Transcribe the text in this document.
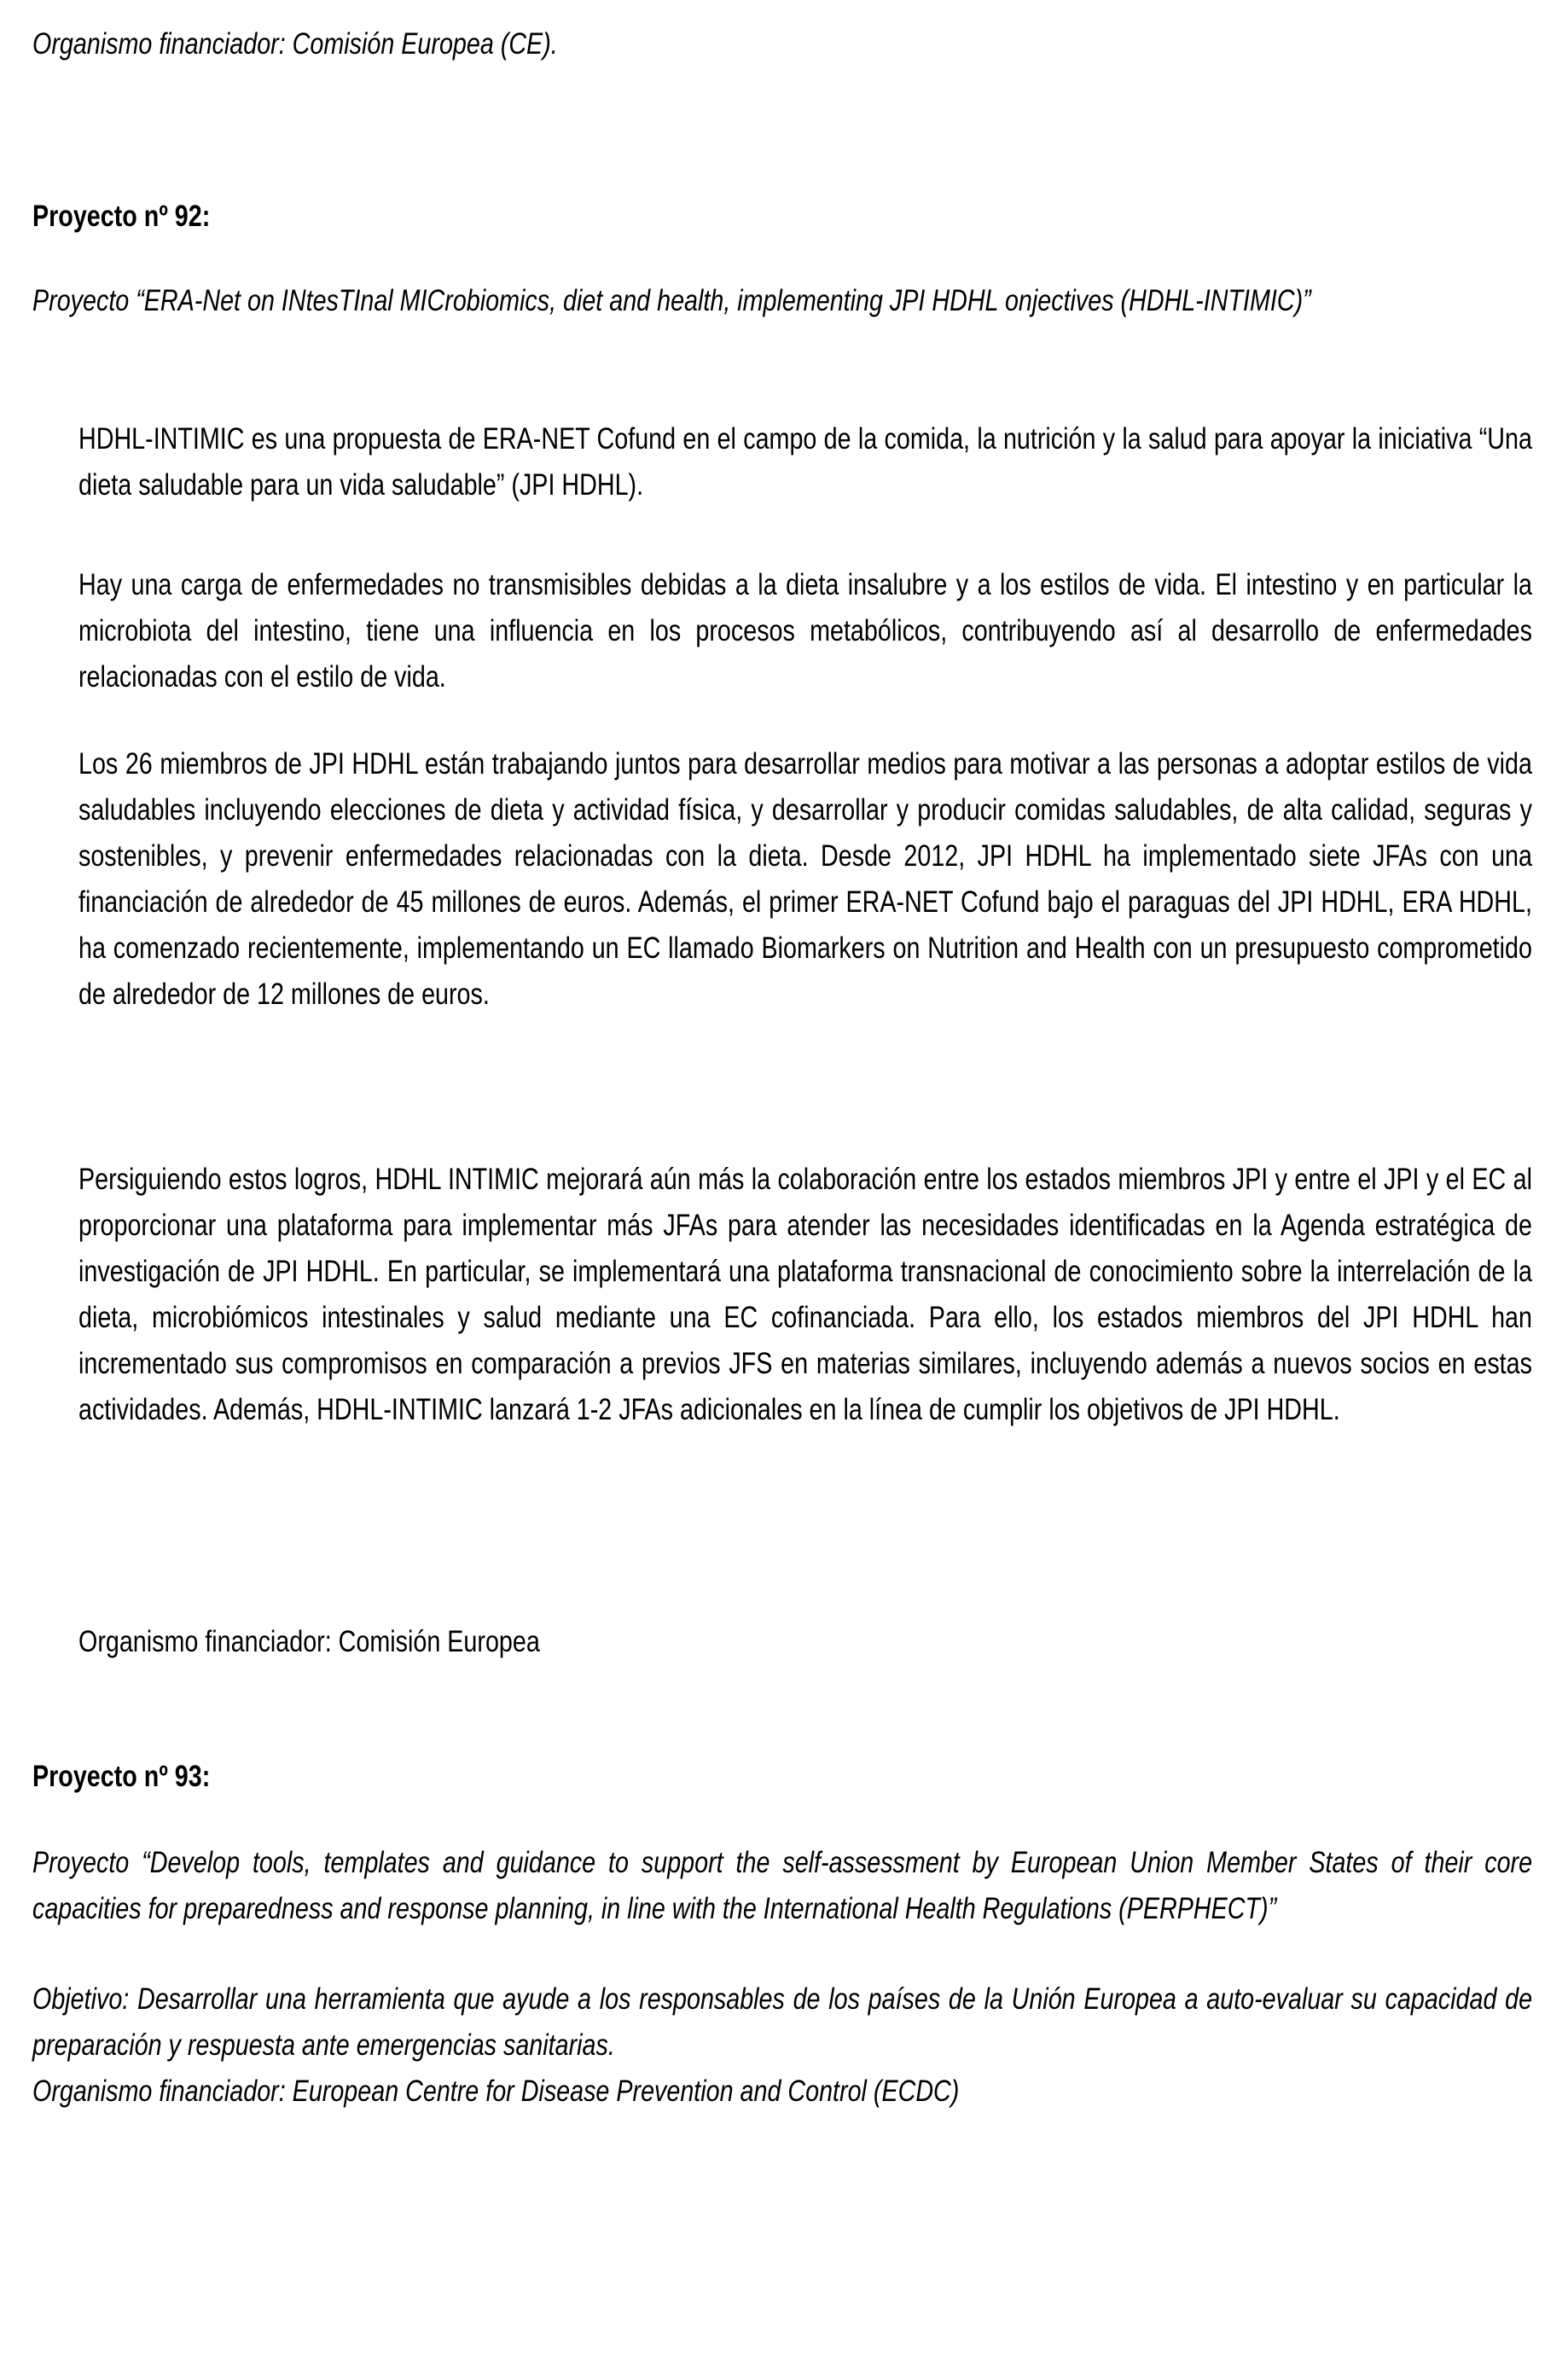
Organismo financiador: Comisión Europea (CE).

Proyecto nº 92:

Proyecto “ERA-Net on INtesTInal MICrobiomics, diet and health, implementing JPI HDHL onjectives (HDHL-INTIMIC)”

HDHL-INTIMIC es una propuesta de ERA-NET Cofund en el campo de la comida, la nutrición y la salud para apoyar la iniciativa “Una dieta saludable para un vida saludable” (JPI HDHL).

Hay una carga de enfermedades no transmisibles debidas a la dieta insalubre y a los estilos de vida. El intestino y en particular la microbiota del intestino, tiene una influencia en los procesos metabólicos, contribuyendo así al desarrollo de enfermedades relacionadas con el estilo de vida.

Los 26 miembros de JPI HDHL están trabajando juntos para desarrollar medios para motivar a las personas a adoptar estilos de vida saludables incluyendo elecciones de dieta y actividad física, y desarrollar y producir comidas saludables, de alta calidad, seguras y sostenibles, y prevenir enfermedades relacionadas con la dieta. Desde 2012, JPI HDHL ha implementado siete JFAs con una financiación de alrededor de 45 millones de euros. Además, el primer ERA-NET Cofund bajo el paraguas del JPI HDHL, ERA HDHL, ha comenzado recientemente, implementando un EC llamado Biomarkers on Nutrition and Health con un presupuesto comprometido de alrededor de 12 millones de euros.

Persiguiendo estos logros, HDHL INTIMIC mejorará aún más la colaboración entre los estados miembros JPI y entre el JPI y el EC al proporcionar una plataforma para implementar más JFAs para atender las necesidades identificadas en la Agenda estratégica de investigación de JPI HDHL. En particular, se implementará una plataforma transnacional de conocimiento sobre la interrelación de la dieta, microbiómicos intestinales y salud mediante una EC cofinanciada. Para ello, los estados miembros del JPI HDHL han incrementado sus compromisos en comparación a previos JFS en materias similares, incluyendo además a nuevos socios en estas actividades. Además, HDHL-INTIMIC lanzará 1-2 JFAs adicionales en la línea de cumplir los objetivos de JPI HDHL.

Organismo financiador: Comisión Europea

Proyecto nº 93:

Proyecto “Develop tools, templates and guidance to support the self-assessment by European Union Member States of their core capacities for preparedness and response planning, in line with the International Health Regulations (PERPHECT)”

Objetivo: Desarrollar una herramienta que ayude a los responsables de los países de la Unión Europea a auto-evaluar su capacidad de preparación y respuesta ante emergencias sanitarias.

Organismo financiador: European Centre for Disease Prevention and Control (ECDC)
